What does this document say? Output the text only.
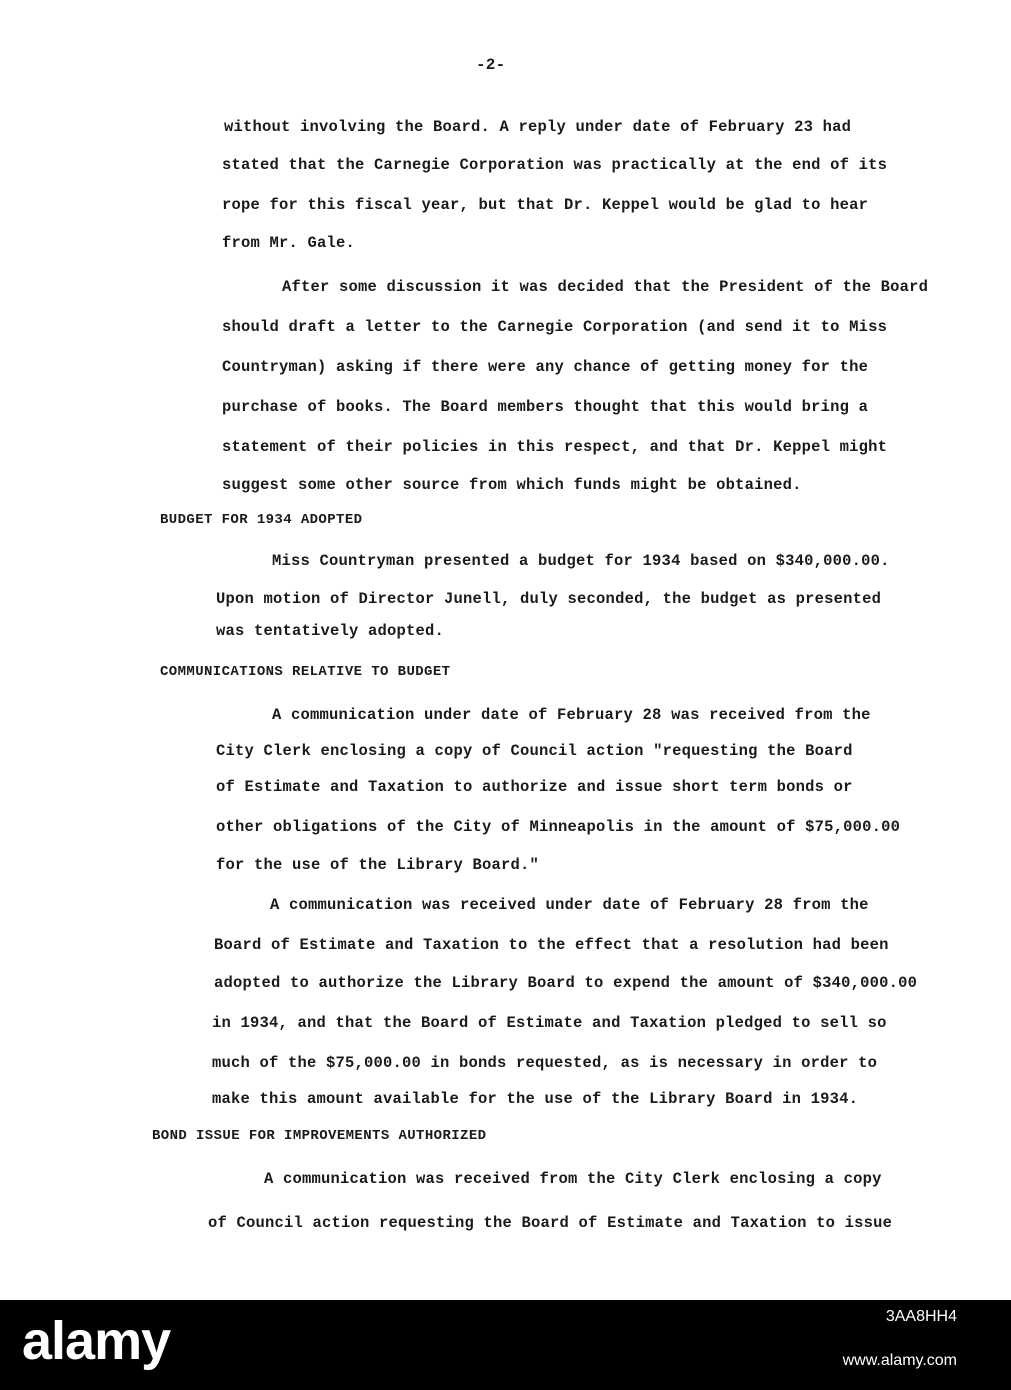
-2-
without involving the Board. A reply under date of February 23 had
stated that the Carnegie Corporation was practically at the end of its
rope for this fiscal year, but that Dr. Keppel would be glad to hear
from Mr. Gale.
After some discussion it was decided that the President of the Board
should draft a letter to the Carnegie Corporation (and send it to Miss
Countryman) asking if there were any chance of getting money for the
purchase of books. The Board members thought that this would bring a
statement of their policies in this respect, and that Dr. Keppel might
suggest some other source from which funds might be obtained.
BUDGET FOR 1934 ADOPTED
Miss Countryman presented a budget for 1934 based on $340,000.00.
Upon motion of Director Junell, duly seconded, the budget as presented
was tentatively adopted.
COMMUNICATIONS RELATIVE TO BUDGET
A communication under date of February 28 was received from the
City Clerk enclosing a copy of Council action "requesting the Board
of Estimate and Taxation to authorize and issue short term bonds or
other obligations of the City of Minneapolis in the amount of $75,000.00
for the use of the Library Board."
A communication was received under date of February 28 from the
Board of Estimate and Taxation to the effect that a resolution had been
adopted to authorize the Library Board to expend the amount of $340,000.00
in 1934, and that the Board of Estimate and Taxation pledged to sell so
much of the $75,000.00 in bonds requested, as is necessary in order to
make this amount available for the use of the Library Board in 1934.
BOND ISSUE FOR IMPROVEMENTS AUTHORIZED
A communication was received from the City Clerk enclosing a copy
of Council action requesting the Board of Estimate and Taxation to issue
alamy	3AA8HH4
www.alamy.com
